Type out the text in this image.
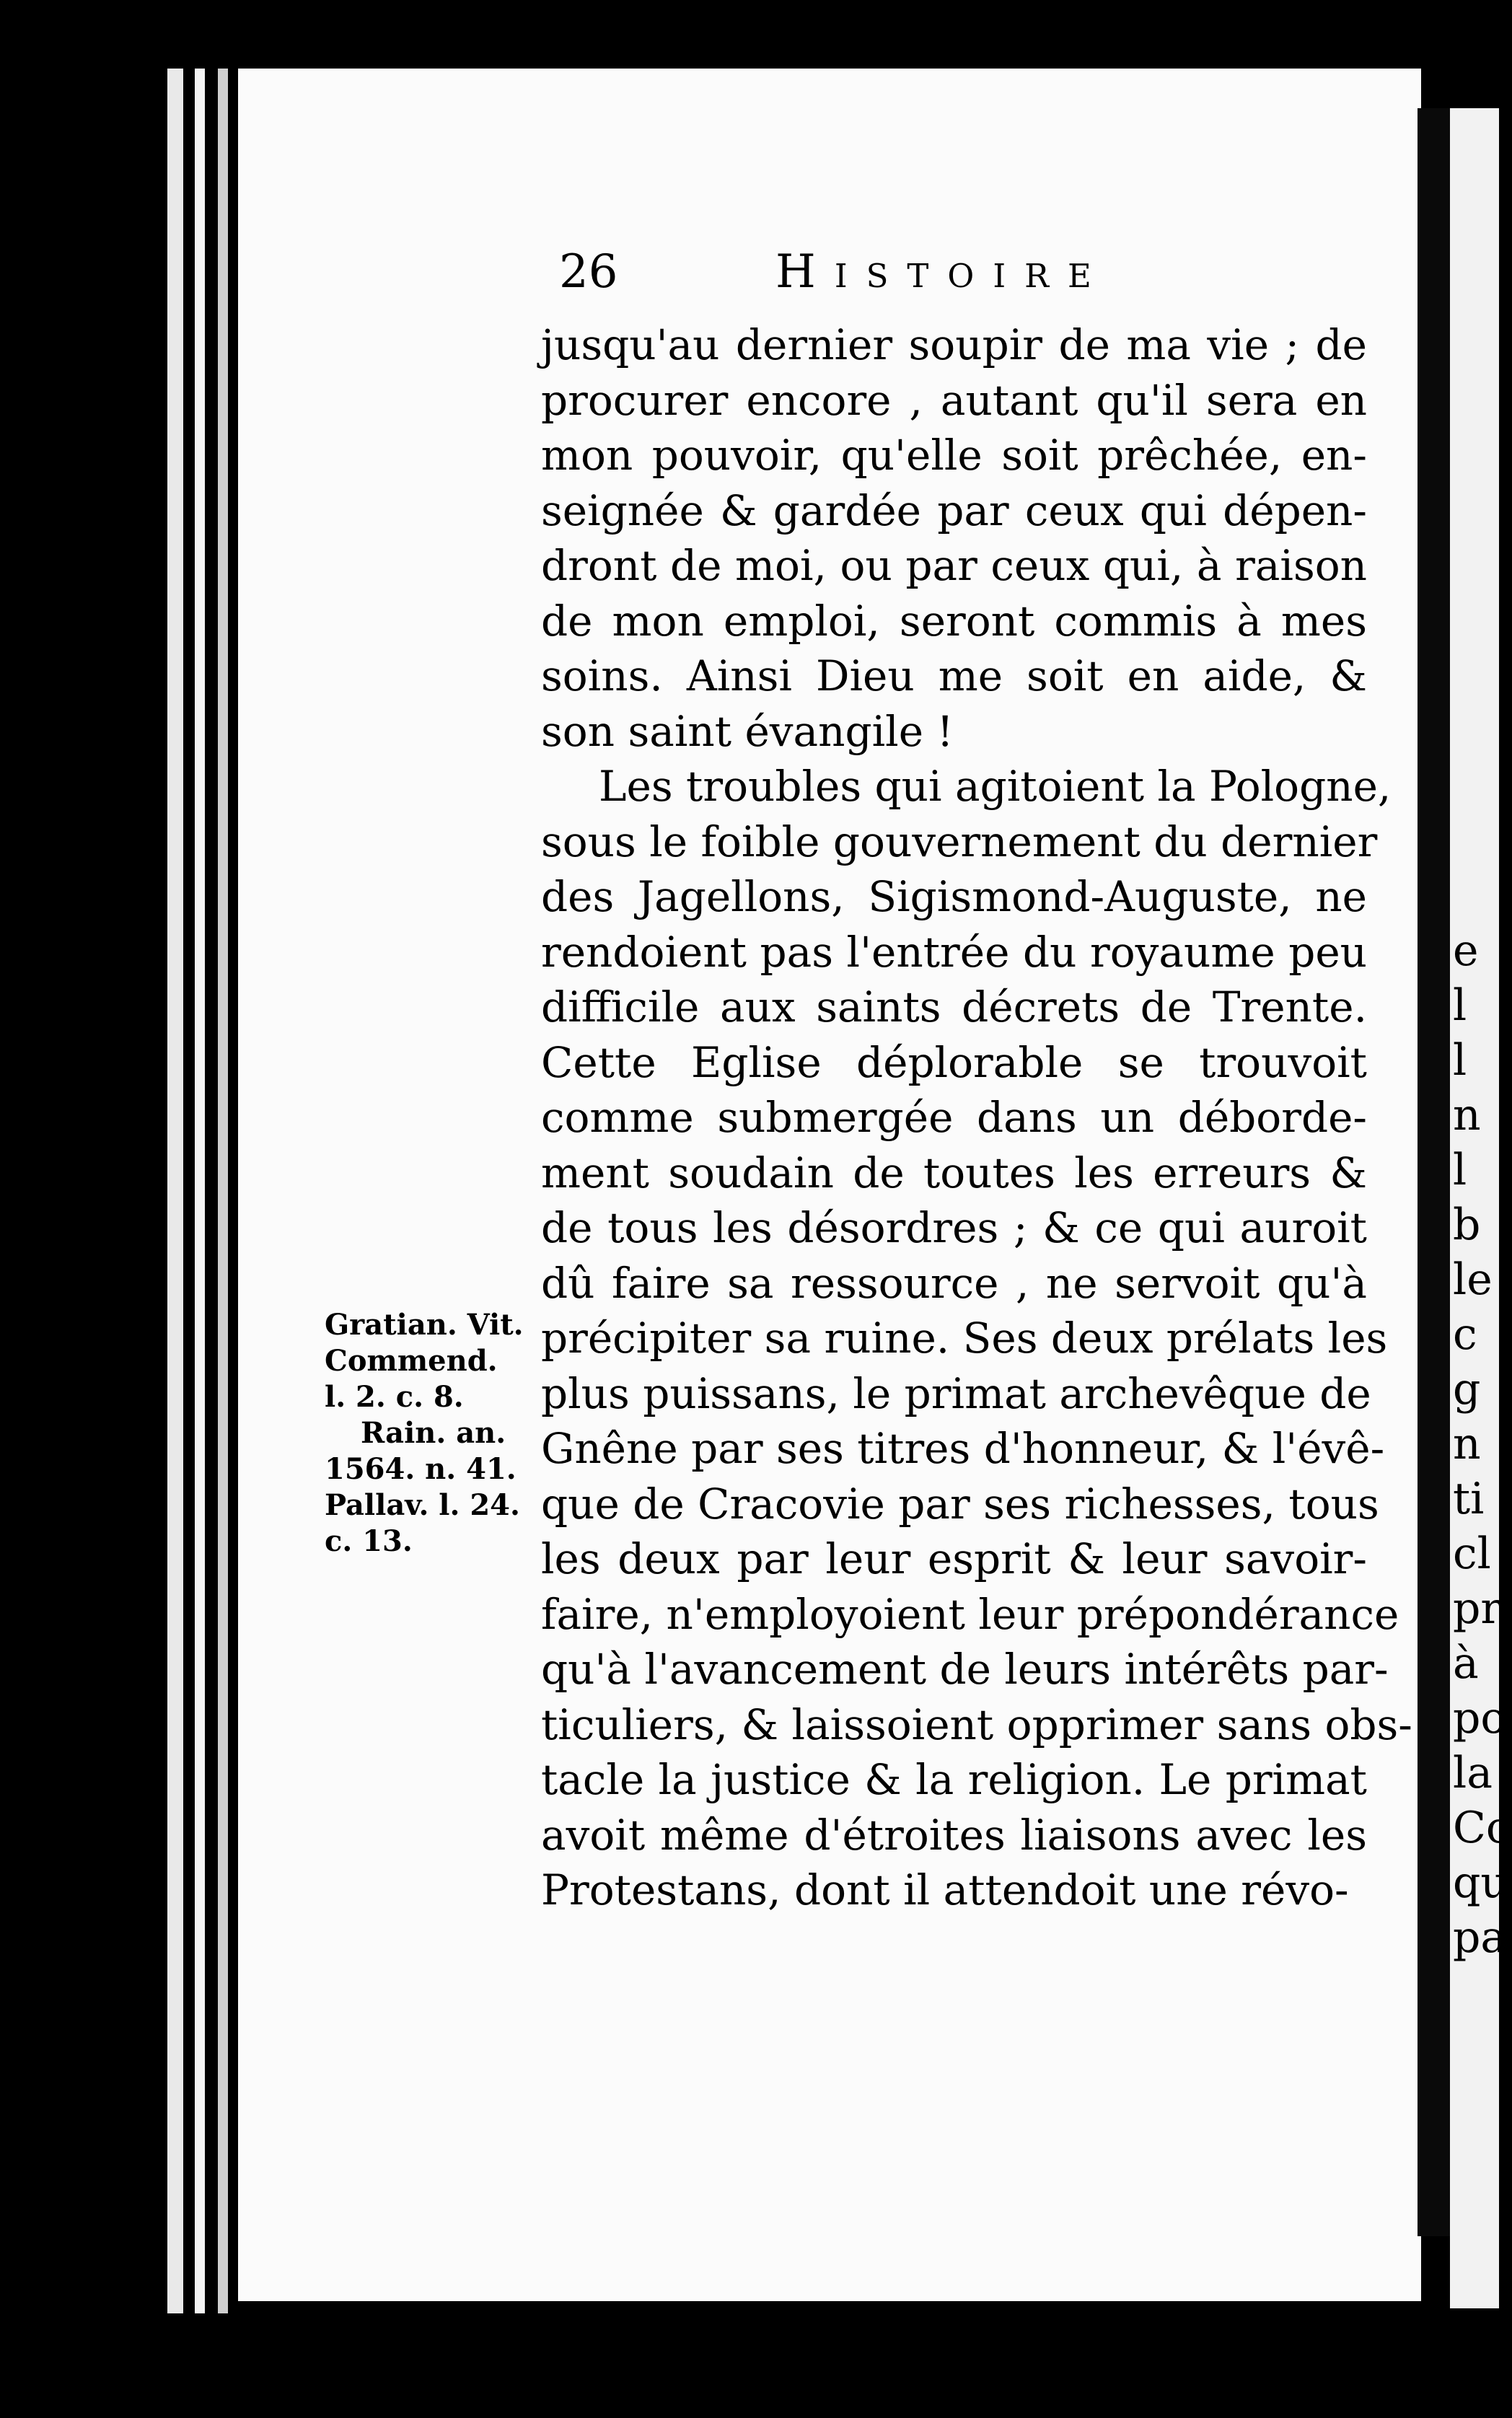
e
l
l
n
l
b
le
c
g
n
ti
cl
pr
à
po
la
Co
qu
pa
26	Histoire
jusqu'au dernier soupir de ma vie ; de
procurer encore , autant qu'il sera en
mon pouvoir, qu'elle soit prêchée, en-
seignée & gardée par ceux qui dépen-
dront de moi, ou par ceux qui, à raison
de mon emploi, seront commis à mes
soins. Ainsi Dieu me soit en aide, &
son saint évangile !
Les troubles qui agitoient la Pologne,
sous le foible gouvernement du dernier
des Jagellons, Sigismond-Auguste, ne
rendoient pas l'entrée du royaume peu
difficile aux saints décrets de Trente.
Cette Eglise déplorable se trouvoit
comme submergée dans un déborde-
ment soudain de toutes les erreurs &
de tous les désordres ; & ce qui auroit
dû faire sa ressource , ne servoit qu'à
précipiter sa ruine. Ses deux prélats les
plus puissans, le primat archevêque de
Gnêne par ses titres d'honneur, & l'évê-
que de Cracovie par ses richesses, tous
les deux par leur esprit & leur savoir-
faire, n'employoient leur prépondérance
qu'à l'avancement de leurs intérêts par-
ticuliers, & laissoient opprimer sans obs-
tacle la justice & la religion. Le primat
avoit même d'étroites liaisons avec les
Protestans, dont il attendoit une révo-
Gratian. Vit.
Commend.
l. 2. c. 8.
Rain. an.
1564. n. 41.
Pallav. l. 24.
c. 13.
